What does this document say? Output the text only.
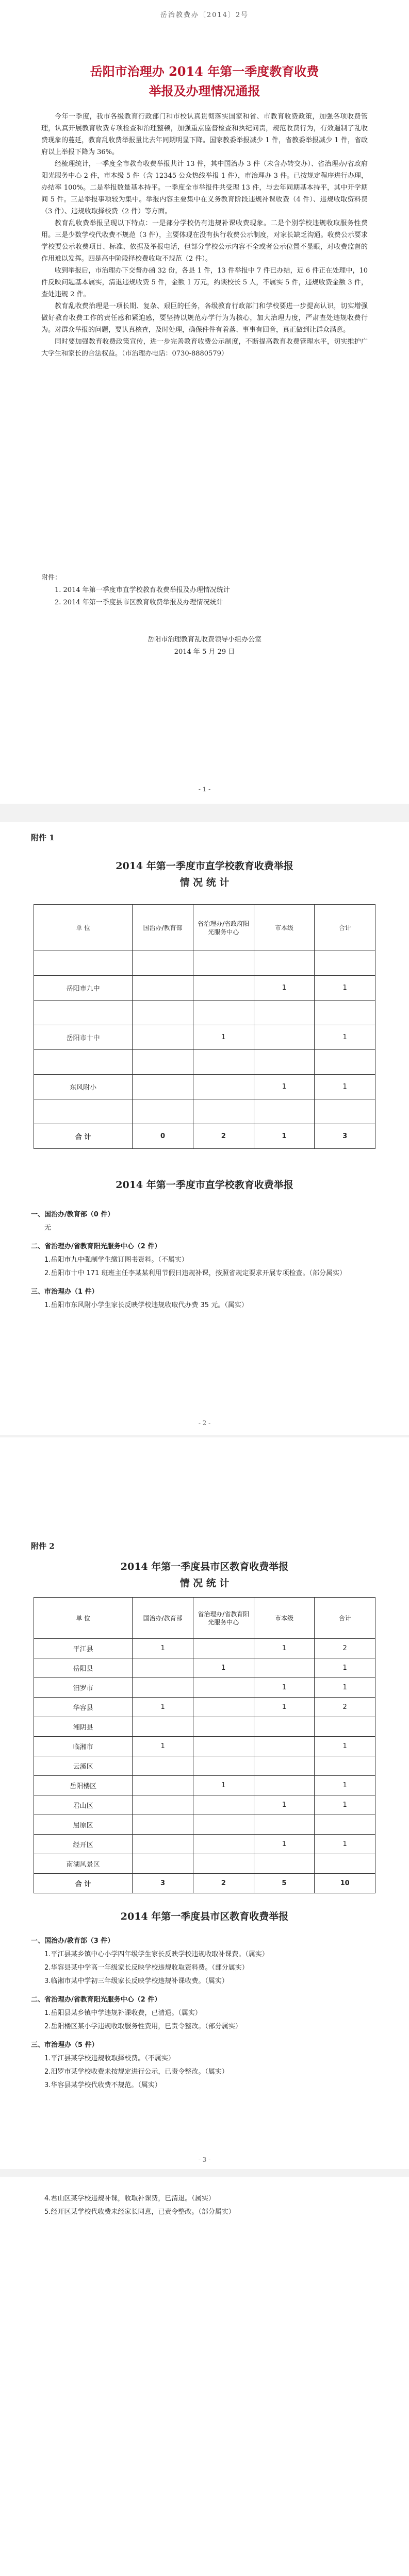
岳治教费办〔2014〕2号
岳阳市治理办 2014 年第一季度教育收费
举报及办理情况通报

今年一季度，我市各级教育行政部门和市校认真贯彻落实国家和省、市教育收费政策，加强各项收费管理，认真开展教育收费专项检查和治理整顿，加强重点监督检查和执纪问责，规范收费行为，有效遏制了乱收费现象的蔓延，教育乱收费举报量比去年同期明显下降。国家教委举报减少 1 件，省教委举报减少 1 件，省政府以上举报下降为 36%。

经梳理统计，一季度全市教育收费举报共计 13 件，其中国治办 3 件（未含办转交办）、省治理办/省政府阳光服务中心 2 件，市本级 5 件（含 12345 公众热线举报 1 件），市治理办 3 件。已按规定程序进行办理，办结率 100%。二是举报数量基本持平。一季度全市举报件共受理 13 件，与去年同期基本持平，其中开学期间 5 件。三是举报事项较为集中。举报内容主要集中在义务教育阶段违规补课收费（4 件）、违规收取资料费（3 件）、违规收取择校费（2 件）等方面。

教育乱收费举报呈现以下特点：一是部分学校仍有违规补课收费现象。二是个别学校违规收取服务性费用。三是少数学校代收费不规范（3 件），主要体现在没有执行收费公示制度，对家长缺乏沟通。收费公示要求学校要公示收费项目、标准、依据及举报电话，但部分学校公示内容不全或者公示位置不显眼，对收费监督的作用难以发挥。四是高中阶段择校费收取不规范（2 件）。

收到举报后，市治理办下交督办函 32 份，各县 1 件，13 件举报中 7 件已办结，近 6 件正在处理中，10 件反映问题基本属实，清退违规收费 5 件，金额 1 万元，约谈校长 5 人，不属实 5 件，违规收费金额 3 件，查处违规 2 件。

教育乱收费治理是一项长期、复杂、艰巨的任务，各级教育行政部门和学校要进一步提高认识，切实增强做好教育收费工作的责任感和紧迫感，要坚持以规范办学行为为核心，加大治理力度，严肃查处违规收费行为。对群众举报的问题，要认真核查，及时处理，确保件件有着落、事事有回音，真正做到让群众满意。

同时要加强教育收费政策宣传，进一步完善教育收费公示制度，不断提高教育收费管理水平，切实维护广大学生和家长的合法权益。（市治理办电话：0730-8880579）

附件：
1. 2014 年第一季度市直学校教育收费举报及办理情况统计
2. 2014 年第一季度县市区教育收费举报及办理情况统计
岳阳市治理教育乱收费领导小组办公室
2014 年 5 月 29 日
- 1 -
附件 1
2014 年第一季度市直学校教育收费举报
情 况 统 计
单 位	国治办/教育部	省治理办/省政府阳光服务中心	市本级	合计

岳阳市九中			1	1

岳阳市十中		1		1

东风附小			1	1

合 计	0	2	1	3
2014 年第一季度市直学校教育收费举报
一、国治办/教育部（0 件）
无
二、省治理办/省教育阳光服务中心（2 件）
1.岳阳市九中强制学生缴订图书资料。（不属实）
2.岳阳市十中 171 班班主任李某某利用节假日违规补课，按照省规定要求开展专项检查。（部分属实）
三、市治理办（1 件）
1.岳阳市东风附小学生家长反映学校违规收取代办费 35 元。（属实）
- 2 -
附件 2
2014 年第一季度县市区教育收费举报
情 况 统 计
单 位	国治办/教育部	省治理办/省教育阳光服务中心	市本级	合计
平江县	1		1	2
岳阳县		1		1
汨罗市			1	1
华容县	1		1	2
湘阴县				
临湘市	1			1
云溪区				
岳阳楼区		1		1
君山区			1	1
屈原区				
经开区			1	1
南湖风景区				
合 计	3	2	5	10
2014 年第一季度县市区教育收费举报
一、国治办/教育部（3 件）
1.平江县某乡镇中心小学四年级学生家长反映学校违规收取补课费。（属实）
2.华容县某中学高一年级家长反映学校违规收取资料费。（部分属实）
3.临湘市某中学初三年级家长反映学校违规补课收费。（属实）
二、省治理办/省教育阳光服务中心（2 件）
1.岳阳县某乡镇中学违规补课收费，已清退。（属实）
2.岳阳楼区某小学违规收取服务性费用，已责令整改。（部分属实）
三、市治理办（5 件）
1.平江县某学校违规收取择校费。（不属实）
2.汨罗市某学校收费未按规定进行公示，已责令整改。（属实）
3.华容县某学校代收费不规范。（属实）
- 3 -
4.君山区某学校违规补课，收取补课费，已清退。（属实）
5.经开区某学校代收费未经家长同意，已责令整改。（部分属实）
